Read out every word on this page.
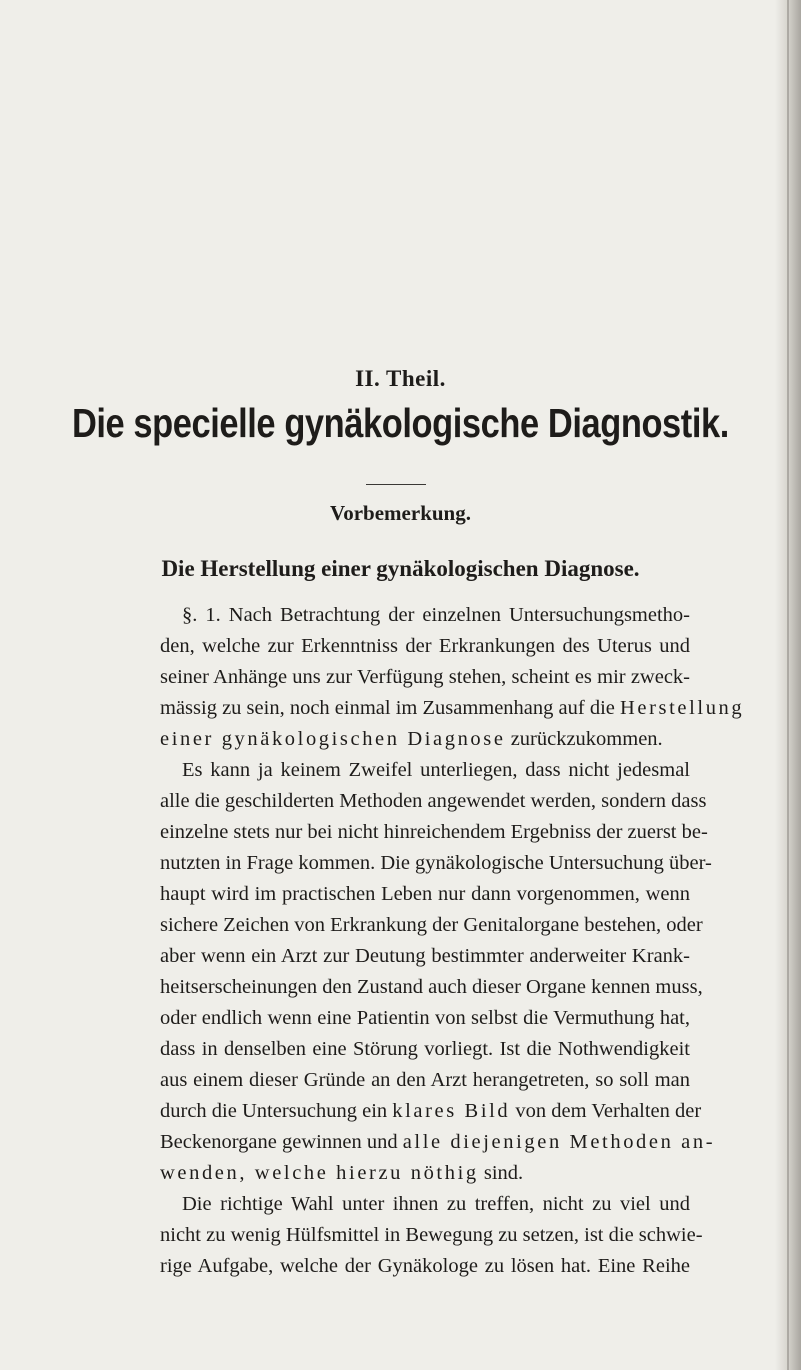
II. Theil.
Die specielle gynäkologische Diagnostik.
Vorbemerkung.
Die Herstellung einer gynäkologischen Diagnose.
§. 1. Nach Betrachtung der einzelnen Untersuchungsmetho-
den, welche zur Erkenntniss der Erkrankungen des Uterus und
seiner Anhänge uns zur Verfügung stehen, scheint es mir zweck-
mässig zu sein, noch einmal im Zusammenhang auf die Herstellung
einer gynäkologischen Diagnose zurückzukommen.
Es kann ja keinem Zweifel unterliegen, dass nicht jedesmal
alle die geschilderten Methoden angewendet werden, sondern dass
einzelne stets nur bei nicht hinreichendem Ergebniss der zuerst be-
nutzten in Frage kommen. Die gynäkologische Untersuchung über-
haupt wird im practischen Leben nur dann vorgenommen, wenn
sichere Zeichen von Erkrankung der Genitalorgane bestehen, oder
aber wenn ein Arzt zur Deutung bestimmter anderweiter Krank-
heitserscheinungen den Zustand auch dieser Organe kennen muss,
oder endlich wenn eine Patientin von selbst die Vermuthung hat,
dass in denselben eine Störung vorliegt. Ist die Nothwendigkeit
aus einem dieser Gründe an den Arzt herangetreten, so soll man
durch die Untersuchung ein klares Bild von dem Verhalten der
Beckenorgane gewinnen und alle diejenigen Methoden an-
wenden, welche hierzu nöthig sind.
Die richtige Wahl unter ihnen zu treffen, nicht zu viel und
nicht zu wenig Hülfsmittel in Bewegung zu setzen, ist die schwie-
rige Aufgabe, welche der Gynäkologe zu lösen hat. Eine Reihe
